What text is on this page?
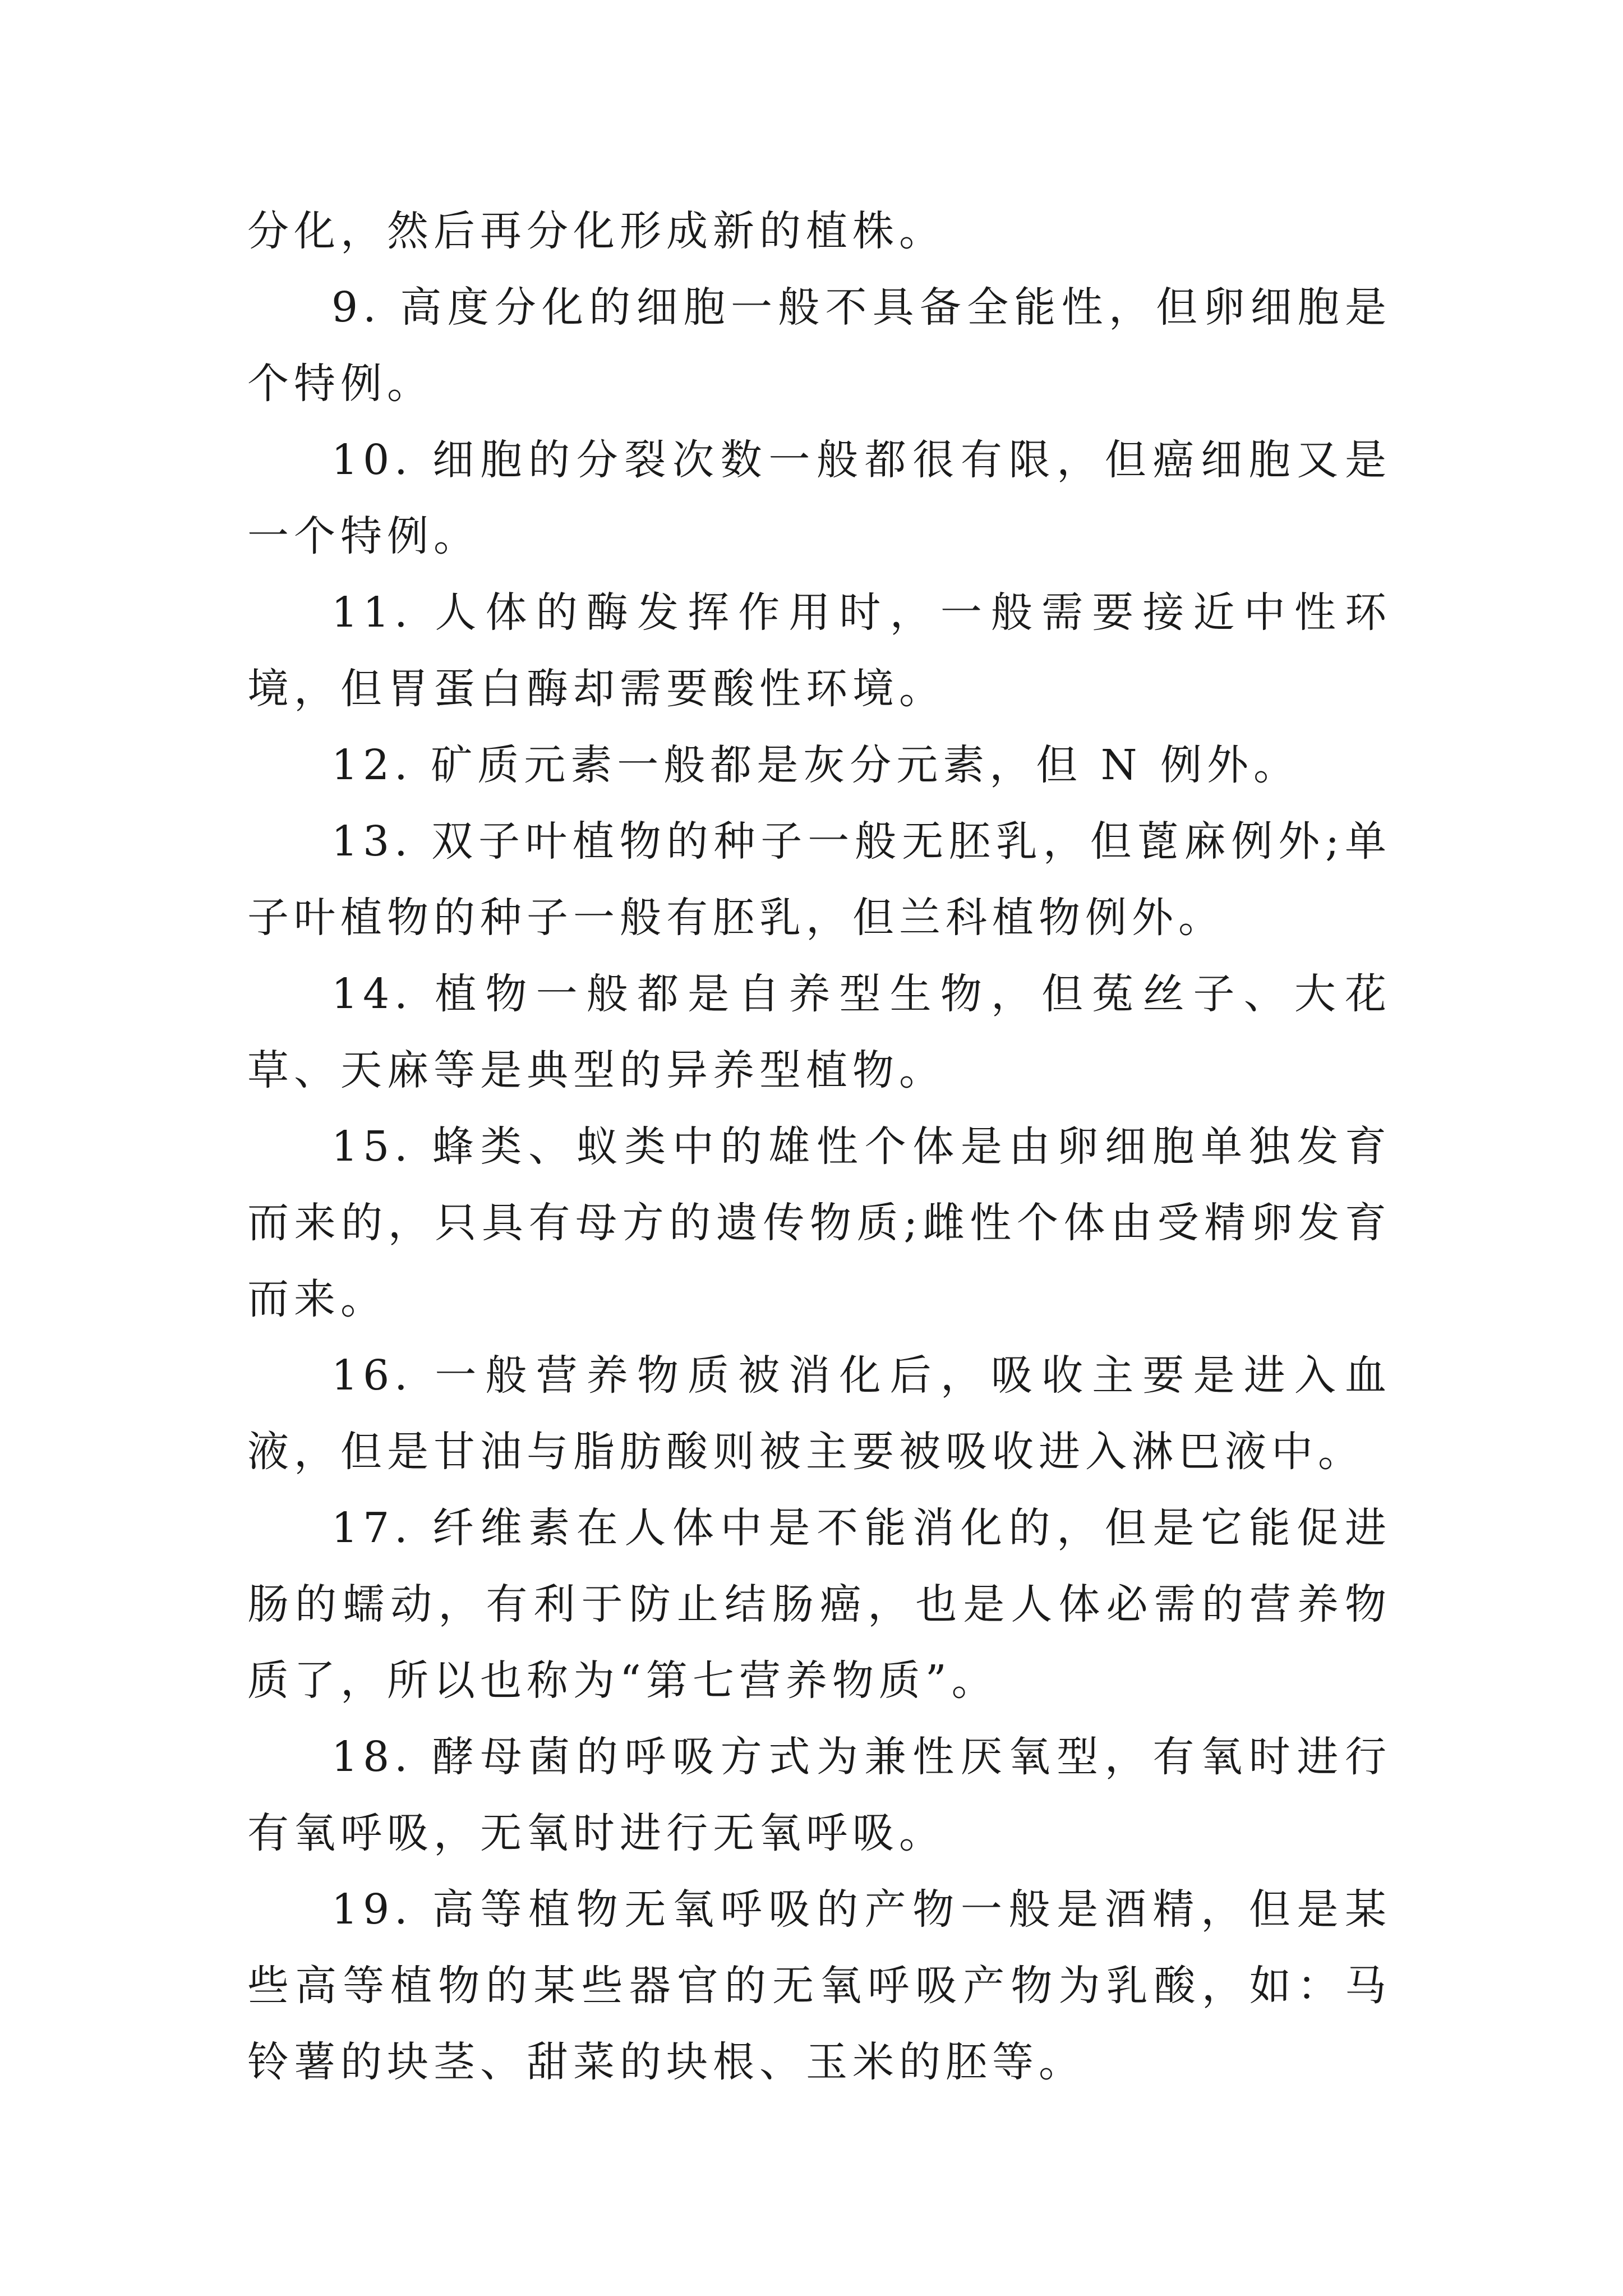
分化，然后再分化形成新的植株。

9. 高度分化的细胞一般不具备全能性，但卵细胞是个特例。

10. 细胞的分裂次数一般都很有限，但癌细胞又是一个特例。

11. 人体的酶发挥作用时，一般需要接近中性环境，但胃蛋白酶却需要酸性环境。

12. 矿质元素一般都是灰分元素，但 N 例外。

13. 双子叶植物的种子一般无胚乳，但蓖麻例外;单子叶植物的种子一般有胚乳，但兰科植物例外。

14. 植物一般都是自养型生物，但菟丝子、大花草、天麻等是典型的异养型植物。

15. 蜂类、蚁类中的雄性个体是由卵细胞单独发育而来的，只具有母方的遗传物质;雌性个体由受精卵发育而来。

16. 一般营养物质被消化后，吸收主要是进入血液，但是甘油与脂肪酸则被主要被吸收进入淋巴液中。

17. 纤维素在人体中是不能消化的，但是它能促进肠的蠕动，有利于防止结肠癌，也是人体必需的营养物质了，所以也称为“第七营养物质”。

18. 酵母菌的呼吸方式为兼性厌氧型，有氧时进行有氧呼吸，无氧时进行无氧呼吸。

19. 高等植物无氧呼吸的产物一般是酒精，但是某些高等植物的某些器官的无氧呼吸产物为乳酸，如：马铃薯的块茎、甜菜的块根、玉米的胚等。
